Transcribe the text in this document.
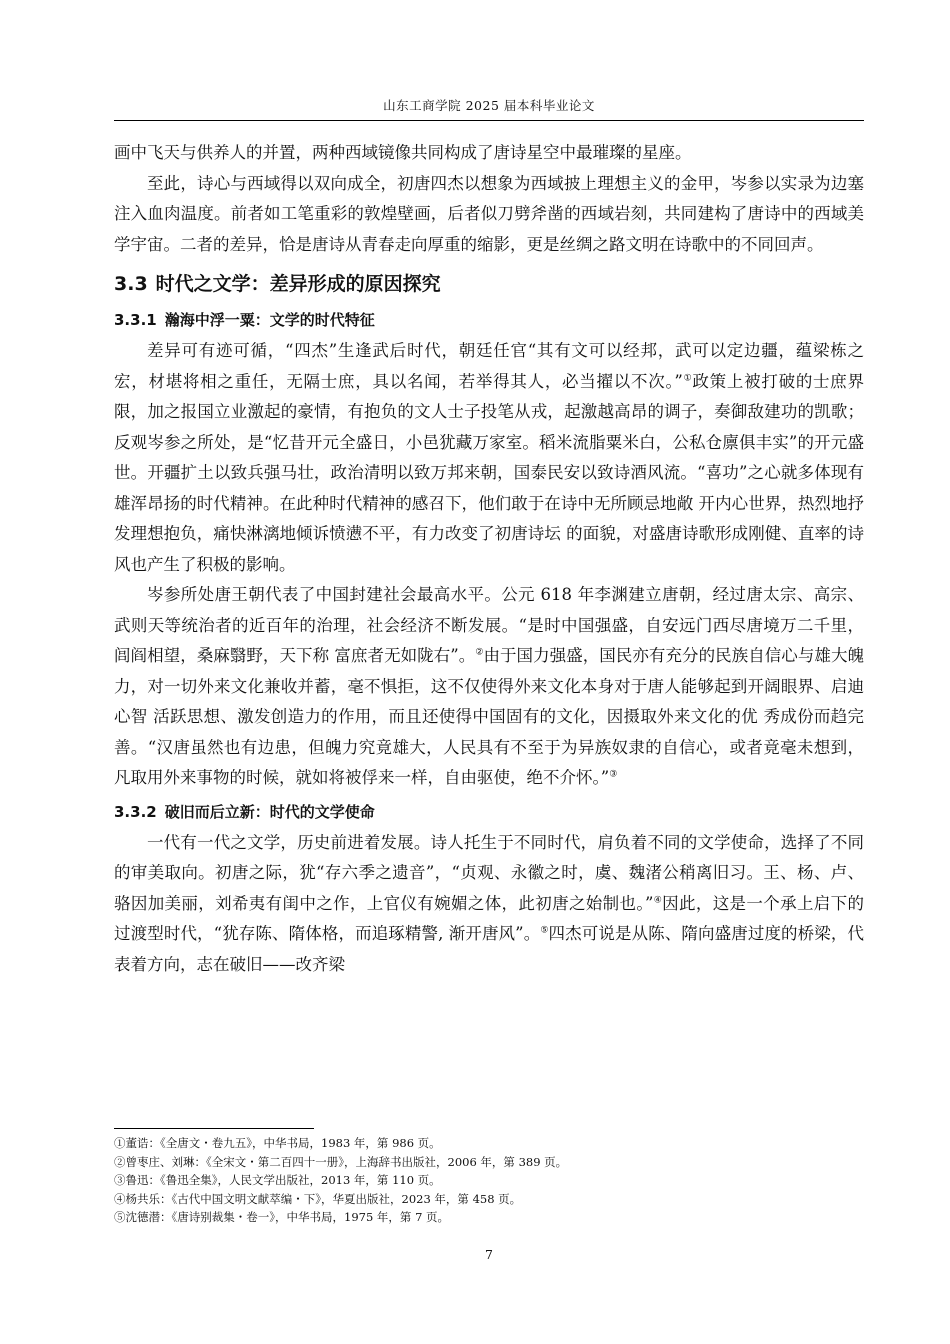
山东工商学院 2025 届本科毕业论文

画中飞天与供养人的并置，两种西域镜像共同构成了唐诗星空中最璀璨的星座。

至此，诗心与西域得以双向成全，初唐四杰以想象为西域披上理想主义的金甲，岑参以实录为边塞注入血肉温度。前者如工笔重彩的敦煌壁画，后者似刀劈斧凿的西域岩刻，共同建构了唐诗中的西域美学宇宙。二者的差异，恰是唐诗从青春走向厚重的缩影，更是丝绸之路文明在诗歌中的不同回声。

3.3 时代之文学：差异形成的原因探究
3.3.1 瀚海中浮一粟：文学的时代特征

差异可有迹可循，“四杰”生逢武后时代，朝廷任官“其有文可以经邦，武可以定边疆，蕴梁栋之宏，材堪将相之重任，无隔士庶，具以名闻，若举得其人，必当擢以不次。”①政策上被打破的士庶界限，加之报国立业激起的豪情，有抱负的文人士子投笔从戎，起激越高昂的调子，奏御敌建功的凯歌；反观岑参之所处，是“忆昔开元全盛日，小邑犹藏万家室。稻米流脂粟米白，公私仓廪俱丰实”的开元盛世。开疆扩土以致兵强马壮，政治清明以致万邦来朝，国泰民安以致诗酒风流。“喜功”之心就多体现有雄浑昂扬的时代精神。在此种时代精神的感召下，他们敢于在诗中无所顾忌地敞 开内心世界，热烈地抒发理想抱负，痛快淋漓地倾诉愤懑不平，有力改变了初唐诗坛 的面貌，对盛唐诗歌形成刚健、直率的诗风也产生了积极的影响。

岑参所处唐王朝代表了中国封建社会最高水平。公元 618 年李渊建立唐朝，经过唐太宗、高宗、武则天等统治者的近百年的治理，社会经济不断发展。“是时中国强盛，自安远门西尽唐境万二千里，闾阎相望，桑麻翳野，天下称 富庶者无如陇右”。②由于国力强盛，国民亦有充分的民族自信心与雄大魄力，对一切外来文化兼收并蓄，毫不惧拒，这不仅使得外来文化本身对于唐人能够起到开阔眼界、启迪心智 活跃思想、激发创造力的作用，而且还使得中国固有的文化，因摄取外来文化的优 秀成份而趋完善。“汉唐虽然也有边患，但魄力究竟雄大，人民具有不至于为异族奴隶的自信心，或者竟毫未想到，凡取用外来事物的时候，就如将被俘来一样，自由驱使，绝不介怀。”③

3.3.2 破旧而后立新：时代的文学使命

一代有一代之文学，历史前进着发展。诗人托生于不同时代，肩负着不同的文学使命，选择了不同的审美取向。初唐之际，犹“存六季之遗音”，“贞观、永徽之时，虞、魏渚公稍离旧习。王、杨、卢、骆因加美丽，刘希夷有闺中之作，上官仪有婉媚之体，此初唐之始制也。”④因此，这是一个承上启下的过渡型时代，“犹存陈、隋体格，而追琢精警, 渐开唐风”。⑤四杰可说是从陈、隋向盛唐过度的桥梁，代表着方向，志在破旧——改齐梁

①董诰：《全唐文・卷九五》，中华书局，1983 年，第 986 页。
②曾枣庄、刘琳：《全宋文・第二百四十一册》，上海辞书出版社，2006 年，第 389 页。
③鲁迅：《鲁迅全集》，人民文学出版社，2013 年，第 110 页。
④杨共乐：《古代中国文明文献萃编・下》，华夏出版社，2023 年，第 458 页。
⑤沈德潜：《唐诗别裁集・卷一》，中华书局，1975 年，第 7 页。
7
